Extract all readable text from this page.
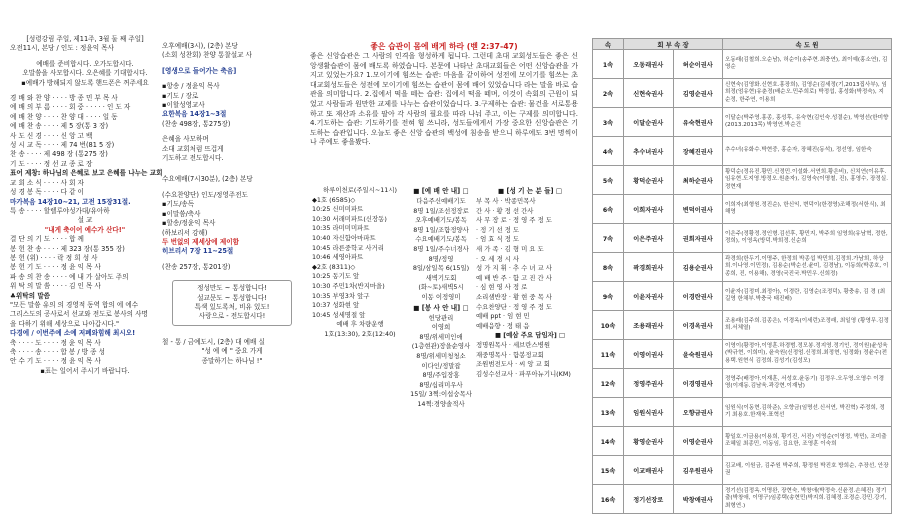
[성령강림 주일, 제11주, 3월 둘 째 주일]
오전11시, 본당 / 인도 : 정윤익 목사
예배를 준비합시다. 오가도합시다.
오말씀을 사모합시다. 오은혜를 기대합시다.
▪예배가 방해되지 않도록 핸드폰은 꺼주세요
경 배 와 찬 양 · · · · 방 종 민 부 목 사
예 배 의 부 름 · · · · 회 중 · · · · · 인 도 자
예 배 찬 양 · · · · 찬 양 대 · · · · 일 동
예 배 찬 송 · · · · 제 5 장(통 3 장)
사 도 신 경 · · · · 신 앙 고 백
성 시 교 독 · · · · 제 74 번(81 5 장)
찬 송 · · · · 제 498 장 (통275 장)
기 도 · · · · 정 선 교 종 로 장
표어 제창: 하나님의 은혜로 보고 은혜를 나누는 교회
교 회 소 식 · · · · 사 회 자
성 경 봉 독 · · · · 다 같 이
마가복음 14장10~21, 고전 15장31절.
특 송 · · · · 할렐루야성가대/유아하
설 교
"내게 축이어 예수가 산다!"
결 단 의 기 도 · · · · 합 께
봉 헌 찬 송 · · · · 제 323 장(통 355 장)
봉 헌 (위) · · · · 락 정 희 성 사
봉 헌 기 도 · · · · 정 윤 익 목 사
파 송 의 찬 송 · · · · 예 내 가 살아도 주의
위 탁 의 말 씀 · · · · 김 인 목 사
♣위탁의 말씀
"모든 말씀 유의 의 경영적 동역 합의 에 에수
그리스도의 공사로서 선교와 전도로 봉사의 사명
을 다하기 위해 세상으로 나아갑시다."
다경에 / 이번주예 소예 저폐와힘해 최시오!
축 · · · · 도 · · · · 정 윤 익 목 사
축 · · · · 송 · · · · 합 봉 / 방 종 성
안 수 기 도 · · · · 정 윤 익 목 사
▪표는 일어서 주시기 바랍니다.
오후예배(3시), (2층) 본당
(소회 성찬회) 찬양 통찰설교 사
[영생으로 들어가는 축음]
▪항송 / 정윤익 목사
▪기도 / 장로
▪이할성영교사
요한복음 14장1~3절
(찬송 498장, 통275장)
은혜을 사모하며
소대 교회처럼 뜨겁게
기도하고 전도합시다.
수요예배(7시30분), (2층) 본당
(수요찬양단) 인도/정영주전도
▪기도/송독
▪이말씀/축사
▪할송/정윤익 목사
(하보리서 강해)
두 번없의 제세상에 제이함
히브리서 7장 11~25절
(찬송 257장, 통201장)
정성만도 ~ 통성합니다!
설교문도 ~ 통성합니다!
특색 있도록처, 비유 있도!
사랑으로 - 전도합시다!
철 - 통 / 금예도시, (2층) 대 예배 실
"성 예 예 " 중요 가게
종말하기는 하나님 !"
좋은 습관이 몸에 배게 하라 (벧 2:37-47)
좋은 신앙습관은 그 사람의 인격을 형성하게 됩니다. 그런데 초대 교회성도들은 좋은 신앙생활습관이 몸에 배도록 하였습니다. 본문에 나타난 초대교회들은 어떤 신앙습관을 가지고 있었는가요? 1.모이기에 힘쓰는 습관: 마음을 같이하여 성전에 모이기를 힘쓰는 초대교회성도들은 성전에 모이기에 힘쓰는 습관이 몸에 배어 있었습니다 라는 말을 바로 습관을 의미합니다. 2.집에서 떡을 떼는 습관: 집에서 떡을 떼며, 이것이 속회의 근원이 되었고 사람들과 원만한 교제를 나누는 습관이었습니다. 3.구제하는 습관: 물건을 서로통용하고 또 재산과 소유를 팔아 각 사람의 필요를 따라 나눠 주고, 이는 구제를 의미합니다. 4.기도하는 습관: 기도하기를 전혀 힘 쓰니라, 성도들에게서 가장 중요한 신앙습관은 기도하는 습관입니다. 오늘도 좋은 신앙 습관의 백성에 침송을 받으니 하루에도 3번 명씩이나 주예도 좋을봤다.
하루이천로(주일시~11시)
◆1호 (6585)◇
10:25 신미미파트
10:30 서래미파트(신장동)
10:35 라미미미파트
10:40 자신함아마파트
10:45 라른중학교 사거리
10:46 세영아파트
◆2호 (8311)◇
10:25 동기도 앞
10:30 주민1차(반지마을)
10:35 부영3차 앞구
10:37 성화현 앞
10:45 성세명절 앞
예배 후 차량운행
1호(13:30), 2호(12:40)
■ [예 배 안 내] □
다음주신예배기도
8명 1일/조선정장로
오후예배기도/봉독
8명 1일/조함정양사
수요예배기도/봉독
8명 1일/주수너경사
8명/정영
8일/삼일목 6(15일)
새벽기도회
(화~토)새벽5시
이동 이정영미
■ [봉 사 안 내] □
헌당관리
이영희
8명/위세미인애
(1층현관)장을순영사
8명/위세미청청소
이다인/정말잡
8명/주입장홍
8명/십리미우사
15일/ 3쩍:이섭숭목사
14쩍:경양솔적사
■ [성 기 는 분 들] □
부 목 사 · 박종민목사
간 사 · 황 정 선 간사
사 무 장 로 · 정 영 주 정 도
· 정 기 선 정 도
· 엄 효 식 정 도
새 가 족 · 김 형 미 요 도
· 오 세 경 시 사
성 가 지 휘 · 추 수 녀 교 사
예 배 반 주 · 함 고 진 간 사
· 심 현 영 사 정 로
소리샘반장 · 황 현 중 목 사
수요찬양단 · 정 영 주 정 도
예배 ppt · 임 현 민
예배음향 · 정 태 음
■ [예삼 주요 담임자] □
정명원목사 · 세브란스병원
재중명목사 · 함봉정교회
조원범전도사 · 씨 앙 교 회
김성수선교사 · 파푸아뉴기니(KM)
속	회 부 속 장		속 도 원
1속	오동래권사	허순이권사	오동래(김철희.오순남), 허순이(송주현.최충연), 최이예(홍소연), 김영순
2속	신현숙권사	김영순권사	신현숙(김영화.신현호.홍장희), 김영순(김세정(기,2013집사부), 임희정(엄유현)유춘정(배순오.민주희로) 박정섭, 홍성화(박정숙), 지순정, 한주연, 이용희
3속	이달순권사	유숙현권사	이달순(박주영.홍종, 홍성후, 유숙현(김인숙.성결순), 박영선(한미향(2013.2013목) 박영연.박순건
4속	추수녀권사	장혜진권사	추수녀(유화수.박현중, 홍순자, 장혜진(동석), 정선영, 임한숙
5속	황덕순권사	최하순권사	황덕순(정유진.황민.신정민.이설화.서연희.황은비), 신치연(이유후.임유현.도지영.방정오.원춘자), 김영숙(이명철, 진), 홍영수, 장정실.정현재
6속	이희자권사	변덕이권사	이희자(최형원.정진순), 한신익, 변덕이(한경영)조해정(서한식), 최해영
7속	이은주권사	권희자권사	이은주(정황정.정인형.김선후, 황민지, 박주희 임영희(유남혁, 정한, 정희), 이영옥(방덕.박희정.신순희
8속	곽경희권사	김용순권사	곽경희(한두기.이명주, 한정희 박종섭 박민희.김정희.가남희, 하상희.이나영.이민정), 김용순(박순선.윤미, 김경남), 이동희(박종호, 이종희, 진, 이용해), 경영(국진국.박민우.신희정)
9속	이윤자권사	이경란권사	이윤자(김정미.최정아), 이경란, 김영순(조정덕), 황충송, 김 경 (최길영 한채부.박충국 태진배)
10속	조용래권사	이경옥권사	조용래(김주희.김종은), 이경옥(이세런)조정래, 최일영 (황영무.김정희.서체열)
11속	이영이권사	윤숙원권사	이영이(황정아,이영훈.하경범.정모봉.정지영.정기인, 정이원)윤성욱(박규현, 이희미), 윤숙원(신정엄.신정희.최정현, 임정화) 정윤수(전용택.원현식 김정희.김성기(김성모)
12속	정영주권사	이경영권사	정영주(배정아.이재훈, 서성호.윤동기) 김정우.오두영.오영수 이경영(이재동.김남욱.곽강현.이재남)
13속	임원식권사	오향금권사	임원식(이동현.김하준), 오향금(임명선.신서연, 박진혁) 주정희, 정기 최용호.한재욱.표혁선
14속	황영순권사	이영순권사	황일호.이금용(이용희, 황기진, 서진) 이영순(이영정, 박민), 조미출 조혜일 최종민, 이동임, 김요한, 조영훈 이숙희
15속	이교배권사	김우원권사	김교배, 이원금, 김주원 박주희, 황정원 박진호 방희순, 추장선, 안장권
16속	정기선장로	박창애권사	정기선(김정옥.이명완, 장현숙, 박창애(박정숙.신윤정.손혜진) 정기출(박창애, 이명구)임종택(송현민)박지희.김혜정.조경순.강민.강기, 최형연.)
